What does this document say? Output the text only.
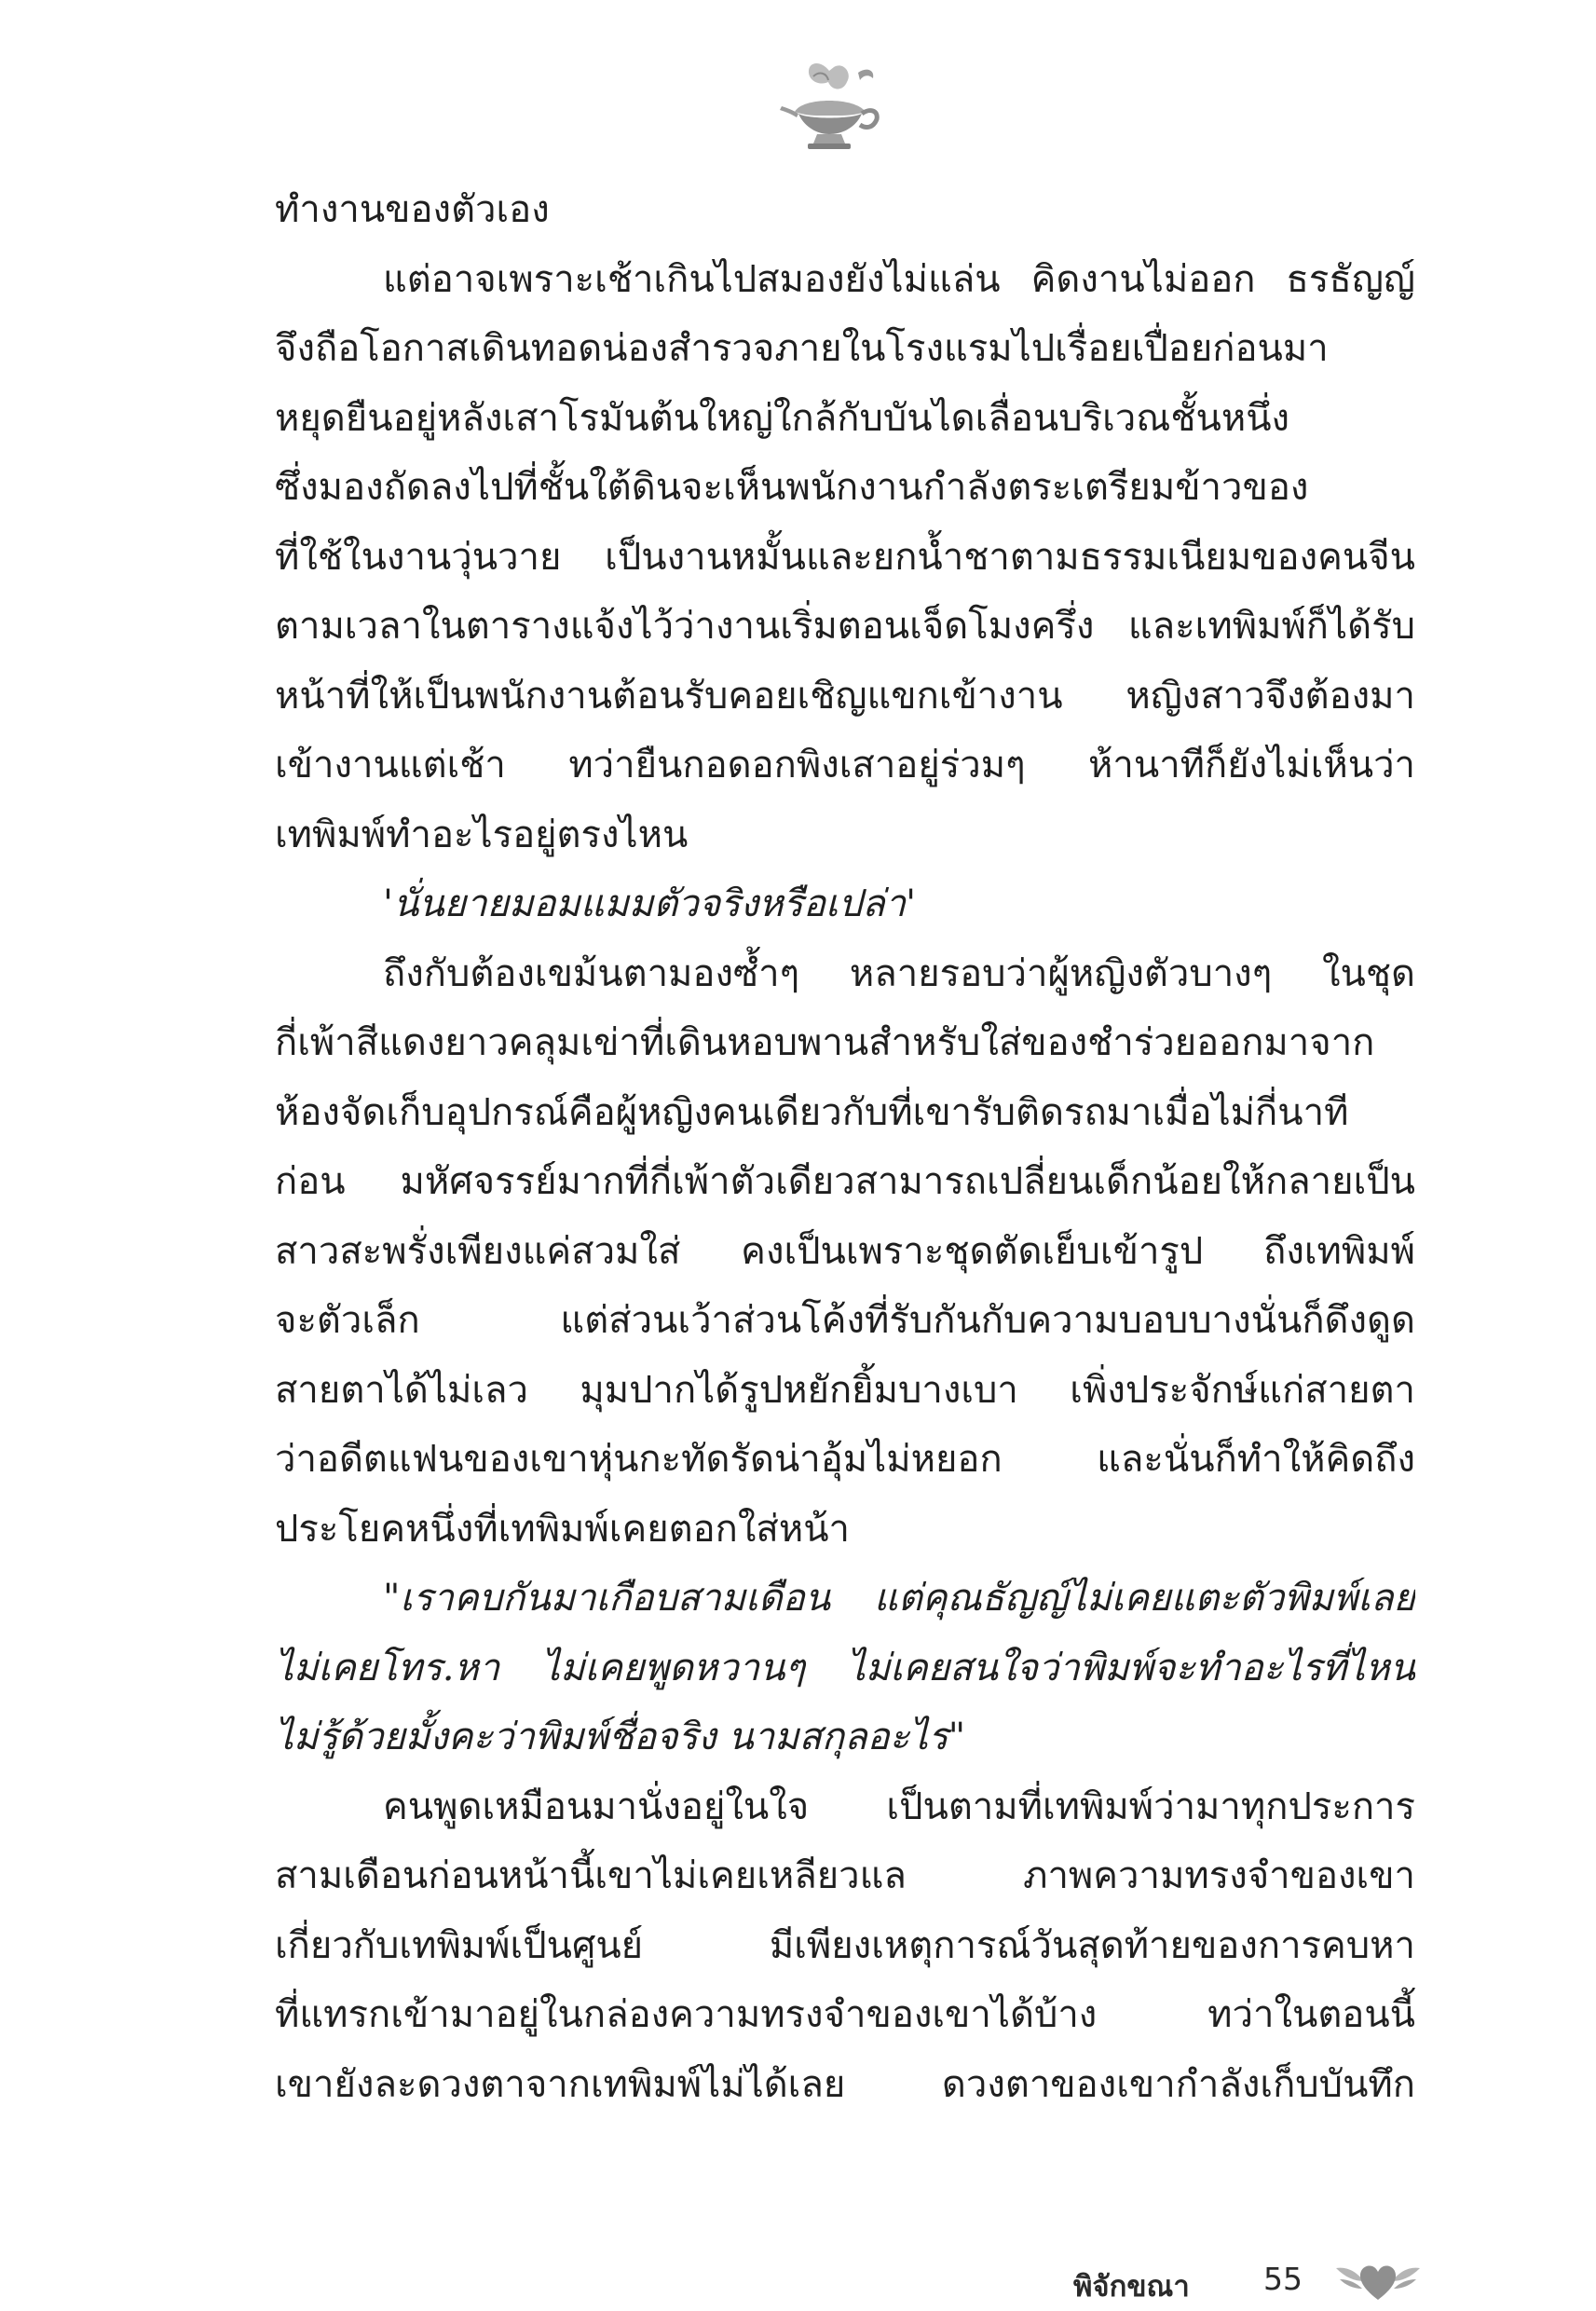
ทำงานของตัวเอง
แต่อาจเพราะเช้าเกินไปสมองยังไม่แล่น คิดงานไม่ออก ธรธัญญ์
จึงถือโอกาสเดินทอดน่องสำรวจภายในโรงแรมไปเรื่อยเปื่อยก่อนมา
หยุดยืนอยู่หลังเสาโรมันต้นใหญ่ใกล้กับบันไดเลื่อนบริเวณชั้นหนึ่ง
ซึ่งมองถัดลงไปที่ชั้นใต้ดินจะเห็นพนักงานกำลังตระเตรียมข้าวของ
ที่ใช้ในงานวุ่นวาย เป็นงานหมั้นและยกน้ำชาตามธรรมเนียมของคนจีน
ตามเวลาในตารางแจ้งไว้ว่างานเริ่มตอนเจ็ดโมงครึ่ง และเทพิมพ์ก็ได้รับ
หน้าที่ให้เป็นพนักงานต้อนรับคอยเชิญแขกเข้างาน หญิงสาวจึงต้องมา
เข้างานแต่เช้า ทว่ายืนกอดอกพิงเสาอยู่ร่วมๆ ห้านาทีก็ยังไม่เห็นว่า
เทพิมพ์ทำอะไรอยู่ตรงไหน
'นั่นยายมอมแมมตัวจริงหรือเปล่า'
ถึงกับต้องเขม้นตามองซ้ำๆ หลายรอบว่าผู้หญิงตัวบางๆ ในชุด
กี่เพ้าสีแดงยาวคลุมเข่าที่เดินหอบพานสำหรับใส่ของชำร่วยออกมาจาก
ห้องจัดเก็บอุปกรณ์คือผู้หญิงคนเดียวกับที่เขารับติดรถมาเมื่อไม่กี่นาที
ก่อน มหัศจรรย์มากที่กี่เพ้าตัวเดียวสามารถเปลี่ยนเด็กน้อยให้กลายเป็น
สาวสะพรั่งเพียงแค่สวมใส่ คงเป็นเพราะชุดตัดเย็บเข้ารูป ถึงเทพิมพ์
จะตัวเล็ก แต่ส่วนเว้าส่วนโค้งที่รับกันกับความบอบบางนั่นก็ดึงดูด
สายตาได้ไม่เลว มุมปากได้รูปหยักยิ้มบางเบา เพิ่งประจักษ์แก่สายตา
ว่าอดีตแฟนของเขาหุ่นกะทัดรัดน่าอุ้มไม่หยอก และนั่นก็ทำให้คิดถึง
ประโยคหนึ่งที่เทพิมพ์เคยตอกใส่หน้า
"เราคบกันมาเกือบสามเดือน แต่คุณธัญญ์ไม่เคยแตะตัวพิมพ์เลย
ไม่เคยโทร.หา ไม่เคยพูดหวานๆ ไม่เคยสนใจว่าพิมพ์จะทำอะไรที่ไหน
ไม่รู้ด้วยมั้งคะว่าพิมพ์ชื่อจริง นามสกุลอะไร"
คนพูดเหมือนมานั่งอยู่ในใจ เป็นตามที่เทพิมพ์ว่ามาทุกประการ
สามเดือนก่อนหน้านี้เขาไม่เคยเหลียวแล ภาพความทรงจำของเขา
เกี่ยวกับเทพิมพ์เป็นศูนย์ มีเพียงเหตุการณ์วันสุดท้ายของการคบหา
ที่แทรกเข้ามาอยู่ในกล่องความทรงจำของเขาได้บ้าง ทว่าในตอนนี้
เขายังละดวงตาจากเทพิมพ์ไม่ได้เลย ดวงตาของเขากำลังเก็บบันทึก
พิจักขณา 55
